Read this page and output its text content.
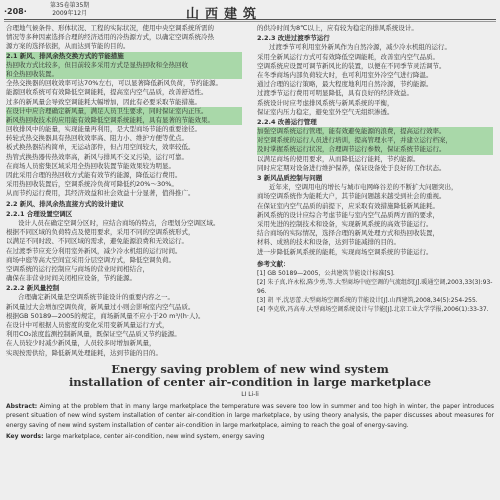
·208·
第35卷第35期
2009年12月	山西建筑
合理地气候条件、形体状况、工程的实际状况，使用中央空调系统所需的
情况等多种因素选择合理的经济适用的冷热源方式，以确定空调系统冷热
源方案的选择依据，从而达到节能的目的。
2.1 新风、排风余热交换方式的节能措施
热回收方式比较多，但目前较多采用方式是显热回收和全热回收
和全热回收装置。
全热交换器的回收效率可达70%左右，可以显著降低新风负荷，节约能源。
能源回收系统可有效降低空调能耗，提高室内空气品质，改善舒适性。
过多的新风量会导致空调能耗大幅增加，因此有必要采取节能措施。
在设计中应合理确定新风量，满足人员卫生要求，同时保证室内正压。
新风热回收技术的应用能有效降低空调系统能耗，具有显著的节能效果。
回收排风中的能量，实现能量再利用，是大型商场节能的重要途径。
转轮式热交换器具有热回收效率高、阻力小、维护方便等优点。
板式换热器结构简单，无运动部件，但占用空间较大，效率较低。
热管式换热器传热效率高，新风与排风不交叉污染，运行可靠。
在商场人员密集区域采用全热回收装置节能效果较为明显。
因此采用合理的热回收方式能有效节约能源，降低运行费用。
采用热回收装置后，空调系统冷负荷可降低约20%～30%。
从而节约运行费用，其经济效益和社会效益十分显著，值得推广。
2.2 新风、排风余热直接方式的设计建议
2.2.1 合理设置空调区
设计人员在确定空调分区时，应结合商场的特点，合理划分空调区域。
根据不同区域的负荷特点及使用要求，采用不同的空调系统形式，
以满足不同时段、不同区域的需求，避免能源浪费和无效运行。
在过渡季节应充分利用室外新风，减少冷水机组的运行时间。
商场中庭等高大空间宜采用分层空调方式，降低空调负荷。
空调系统的运行控制应与商场的营业时间相结合，
确保在非营业时间关闭相应设备，节约能源。
2.2.2 新风量控制
合理确定新风量是空调系统节能设计的重要内容之一。
新风量过大会增加空调负荷，新风量过小则会影响室内空气品质。
根据GB 50189—2005的规定，商场新风量不应小于20 m³/(h·人)。
在设计中可根据人员密度的变化采用变新风量运行方式，
利用CO₂浓度监测控制新风量，既保证空气品质又节约能源。
在人员较少时减少新风量，人员较多时增加新风量，
实现按需供给，降低新风处理能耗，达到节能的目的。
的供冷时间为8℃以上，应有较为稳定的排风系统设计。
2.2.3 改进过渡季节运行
过渡季节可利用室外新风作为自然冷源，减少冷水机组的运行。
采用全新风运行方式可有效降低空调能耗，改善室内空气品质。
空调系统应设置可调节新风比的装置，以便在不同季节灵活调节。
在冬季商场内部负荷较大时，也可利用室外冷空气进行降温。
通过合理的运行策略，最大程度地利用自然冷源，节约能源。
过渡季节运行费用可明显降低，具有良好的经济效益。
系统设计时应考虑排风系统与新风系统的平衡，
保证室内压力稳定，避免室外空气无组织渗透。
2.2.4 改善运行管理
加强空调系统运行管理，能有效避免能源的浪费，提高运行效率。
对空调系统的运行人员进行培训，提高管理水平，并建立运行档案，
及时掌握系统运行状况，合理调节运行参数，保证系统节能运行。
以满足商场的使用要求，从而降低运行能耗，节约能源。
同时应定期对设备进行维护保养，保证设备处于良好的工作状态。
3 新风品质控制与问题
近年来，空调用电的增长与城市电网峰谷差的不断扩大问题突出，
商场空调系统作为能耗大户，其节能问题越来越受到社会的重视。
在保证室内空气品质的前提下，应采取有效措施降低新风能耗。
新风系统的设计应综合考虑节能与室内空气品质两方面的要求，
采用先进的控制技术和设备，实现新风系统的高效节能运行。
结合商场的实际情况，选择合理的新风处理方式和热回收装置，
材料、成熟的技术和设备，达到节能减排的目的。
进一步降低新风系统的能耗，实现商场空调系统的节能运行。
参考文献：
[1] GB 50189—2005，公共建筑节能设计标准[S].
[2] 朱子真,许永松,陈少勇,等.大型商场中庭空调的气流组织[J].暖通空调,2003,33(3):93-96.
[3] 胡 平,沈思蕾.大型商场空调系统的节能设计[J].山西建筑,2008,34(5):254-255.
[4] 李克欣,冯高寿.大型商场空调系统设计与节能[J].北京工业大学学报,2006(1):33-37.
Energy saving problem of new wind system
installation of center air-condition in large marketplace
LI Li-li
Abstract: Aiming at the problem that in many large marketplace the temperature was severe too low in summer and too high in winter, the paper introduces present situation of new wind system installation of center air-condition in large marketplace, by using theory analysis, the paper discusses about measures for energy saving of new wind system installation of center air-condition in large marketplace, aiming to reach the goal of energy-saving.
Key words: large marketplace, center air-condition, new wind system, energy saving
